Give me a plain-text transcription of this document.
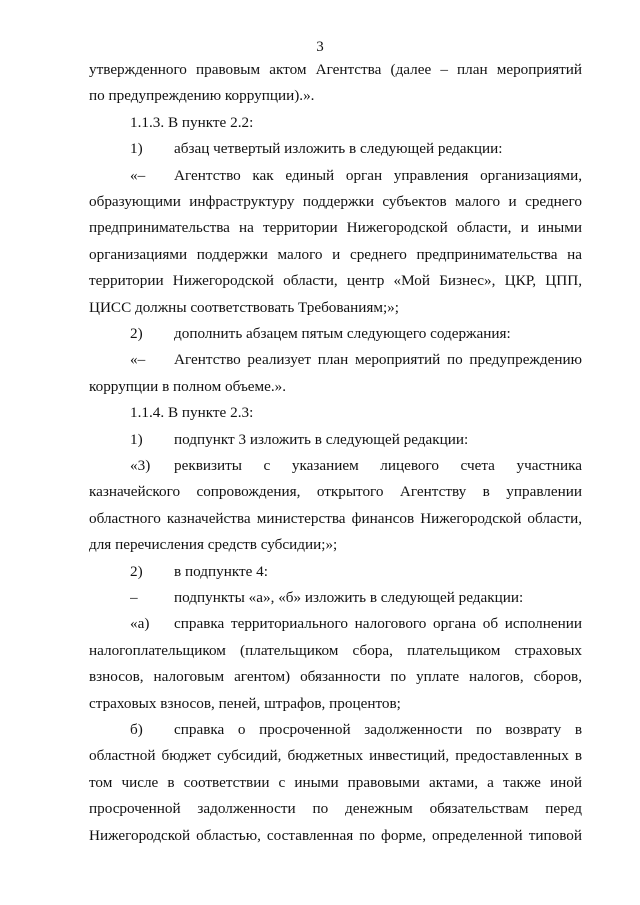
3
утвержденного правовым актом Агентства (далее – план мероприятий
по предупреждению коррупции).».
1.1.3. В пункте 2.2:
1) абзац четвертый изложить в следующей редакции:
«– Агентство как единый орган управления организациями,
образующими инфраструктуру поддержки субъектов малого и среднего
предпринимательства на территории Нижегородской области, и иными
организациями поддержки малого и среднего предпринимательства на
территории Нижегородской области, центр «Мой Бизнес», ЦКР, ЦПП,
ЦИСС должны соответствовать Требованиям;»;
2) дополнить абзацем пятым следующего содержания:
«– Агентство реализует план мероприятий по предупреждению
коррупции в полном объеме.».
1.1.4. В пункте 2.3:
1) подпункт 3 изложить в следующей редакции:
«3) реквизиты с указанием лицевого счета участника
казначейского сопровождения, открытого Агентству в управлении
областного казначейства министерства финансов Нижегородской области,
для перечисления средств субсидии;»;
2) в подпункте 4:
– подпункты «а», «б» изложить в следующей редакции:
«а) справка территориального налогового органа об исполнении
налогоплательщиком (плательщиком сбора, плательщиком страховых
взносов, налоговым агентом) обязанности по уплате налогов, сборов,
страховых взносов, пеней, штрафов, процентов;
б) справка о просроченной задолженности по возврату в
областной бюджет субсидий, бюджетных инвестиций, предоставленных в
том числе в соответствии с иными правовыми актами, а также иной
просроченной задолженности по денежным обязательствам перед
Нижегородской областью, составленная по форме, определенной типовой
